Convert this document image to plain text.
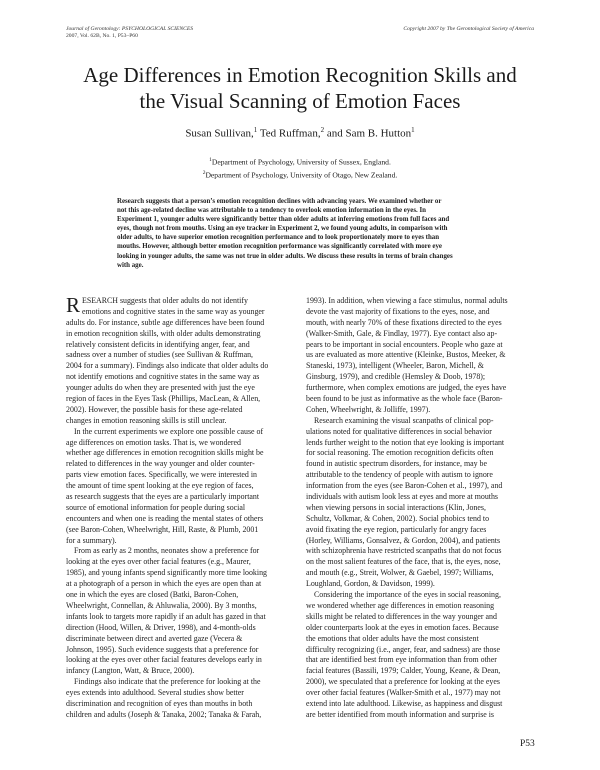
Journal of Gerontology: PSYCHOLOGICAL SCIENCES
2007, Vol. 62B, No. 1, P53–P60
Copyright 2007 by The Gerontological Society of America
Age Differences in Emotion Recognition Skills and
the Visual Scanning of Emotion Faces
Susan Sullivan,$^1$ Ted Ruffman,$^2$ and Sam B. Hutton$^1$
$^1$Department of Psychology, University of Sussex, England.
$^2$Department of Psychology, University of Otago, New Zealand.
Research suggests that a person’s emotion recognition declines with advancing years. We examined whether or
not this age-related decline was attributable to a tendency to overlook emotion information in the eyes. In
Experiment 1, younger adults were significantly better than older adults at inferring emotions from full faces and
eyes, though not from mouths. Using an eye tracker in Experiment 2, we found young adults, in comparison with
older adults, to have superior emotion recognition performance and to look proportionately more to eyes than
mouths. However, although better emotion recognition performance was significantly correlated with more eye
looking in younger adults, the same was not true in older adults. We discuss these results in terms of brain changes
with age.
RESEARCH suggests that older adults do not identify
emotions and cognitive states in the same way as younger
adults do. For instance, subtle age differences have been found
in emotion recognition skills, with older adults demonstrating
relatively consistent deficits in identifying anger, fear, and
sadness over a number of studies (see Sullivan & Ruffman,
2004 for a summary). Findings also indicate that older adults do
not identify emotions and cognitive states in the same way as
younger adults do when they are presented with just the eye
region of faces in the Eyes Task (Phillips, MacLean, & Allen,
2002). However, the possible basis for these age-related
changes in emotion reasoning skills is still unclear.
In the current experiments we explore one possible cause of
age differences on emotion tasks. That is, we wondered
whether age differences in emotion recognition skills might be
related to differences in the way younger and older counter-
parts view emotion faces. Specifically, we were interested in
the amount of time spent looking at the eye region of faces,
as research suggests that the eyes are a particularly important
source of emotional information for people during social
encounters and when one is reading the mental states of others
(see Baron-Cohen, Wheelwright, Hill, Raste, & Plumb, 2001
for a summary).
From as early as 2 months, neonates show a preference for
looking at the eyes over other facial features (e.g., Maurer,
1985), and young infants spend significantly more time looking
at a photograph of a person in which the eyes are open than at
one in which the eyes are closed (Batki, Baron-Cohen,
Wheelwright, Connellan, & Ahluwalia, 2000). By 3 months,
infants look to targets more rapidly if an adult has gazed in that
direction (Hood, Willen, & Driver, 1998), and 4-month-olds
discriminate between direct and averted gaze (Vecera &
Johnson, 1995). Such evidence suggests that a preference for
looking at the eyes over other facial features develops early in
infancy (Langton, Watt, & Bruce, 2000).
Findings also indicate that the preference for looking at the
eyes extends into adulthood. Several studies show better
discrimination and recognition of eyes than mouths in both
children and adults (Joseph & Tanaka, 2002; Tanaka & Farah,
1993). In addition, when viewing a face stimulus, normal adults
devote the vast majority of fixations to the eyes, nose, and
mouth, with nearly 70% of these fixations directed to the eyes
(Walker-Smith, Gale, & Findlay, 1977). Eye contact also ap-
pears to be important in social encounters. People who gaze at
us are evaluated as more attentive (Kleinke, Bustos, Meeker, &
Staneski, 1973), intelligent (Wheeler, Baron, Michell, &
Ginsburg, 1979), and credible (Hemsley & Doob, 1978);
furthermore, when complex emotions are judged, the eyes have
been found to be just as informative as the whole face (Baron-
Cohen, Wheelwright, & Jolliffe, 1997).
Research examining the visual scanpaths of clinical pop-
ulations noted for qualitative differences in social behavior
lends further weight to the notion that eye looking is important
for social reasoning. The emotion recognition deficits often
found in autistic spectrum disorders, for instance, may be
attributable to the tendency of people with autism to ignore
information from the eyes (see Baron-Cohen et al., 1997), and
individuals with autism look less at eyes and more at mouths
when viewing persons in social interactions (Klin, Jones,
Schultz, Volkmar, & Cohen, 2002). Social phobics tend to
avoid fixating the eye region, particularly for angry faces
(Horley, Williams, Gonsalvez, & Gordon, 2004), and patients
with schizophrenia have restricted scanpaths that do not focus
on the most salient features of the face, that is, the eyes, nose,
and mouth (e.g., Streit, Wolwer, & Gaebel, 1997; Williams,
Loughland, Gordon, & Davidson, 1999).
Considering the importance of the eyes in social reasoning,
we wondered whether age differences in emotion reasoning
skills might be related to differences in the way younger and
older counterparts look at the eyes in emotion faces. Because
the emotions that older adults have the most consistent
difficulty recognizing (i.e., anger, fear, and sadness) are those
that are identified best from eye information than from other
facial features (Bassili, 1979; Calder, Young, Keane, & Dean,
2000), we speculated that a preference for looking at the eyes
over other facial features (Walker-Smith et al., 1977) may not
extend into late adulthood. Likewise, as happiness and disgust
are better identified from mouth information and surprise is
P53
